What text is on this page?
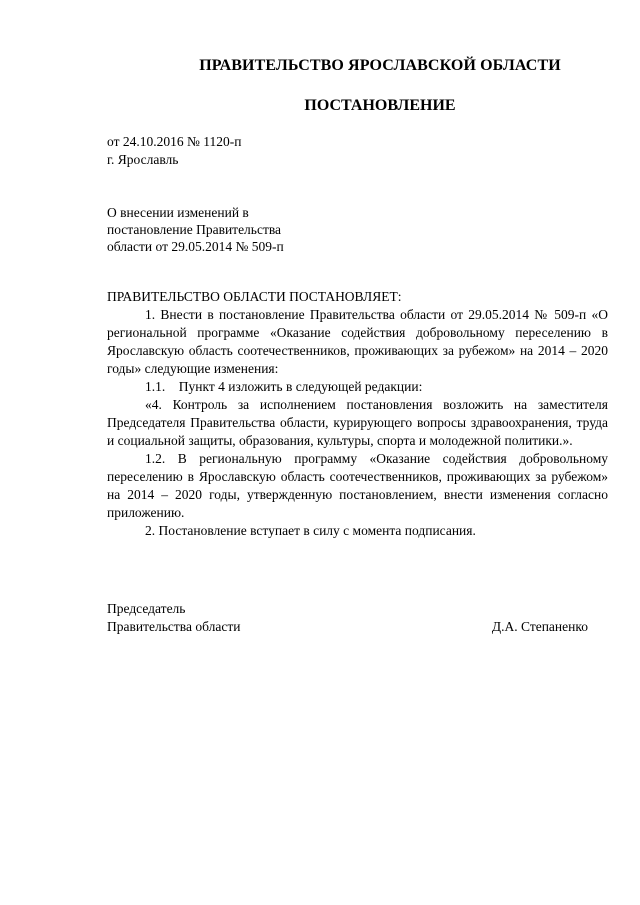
ПРАВИТЕЛЬСТВО ЯРОСЛАВСКОЙ ОБЛАСТИ
ПОСТАНОВЛЕНИЕ
от 24.10.2016 № 1120-п
г. Ярославль
О внесении изменений в
постановление Правительства
области от 29.05.2014 № 509-п

ПРАВИТЕЛЬСТВО ОБЛАСТИ ПОСТАНОВЛЯЕТ:

1. Внести в постановление Правительства области от 29.05.2014 № 509-п «О региональной программе «Оказание содействия добровольному переселению в Ярославскую область соотечественников, проживающих за рубежом» на 2014 – 2020 годы» следующие изменения:

1.1.    Пункт 4 изложить в следующей редакции:

«4. Контроль за исполнением постановления возложить на заместителя Председателя Правительства области, курирующего вопросы здравоохранения, труда и социальной защиты, образования, культуры, спорта и молодежной политики.».

1.2. В региональную программу «Оказание содействия добровольному переселению в Ярославскую область соотечественников, проживающих за рубежом» на 2014 – 2020 годы, утвержденную постановлением, внести изменения согласно приложению.

2. Постановление вступает в силу с момента подписания.

Председатель
Правительства области	Д.А. Степаненко
